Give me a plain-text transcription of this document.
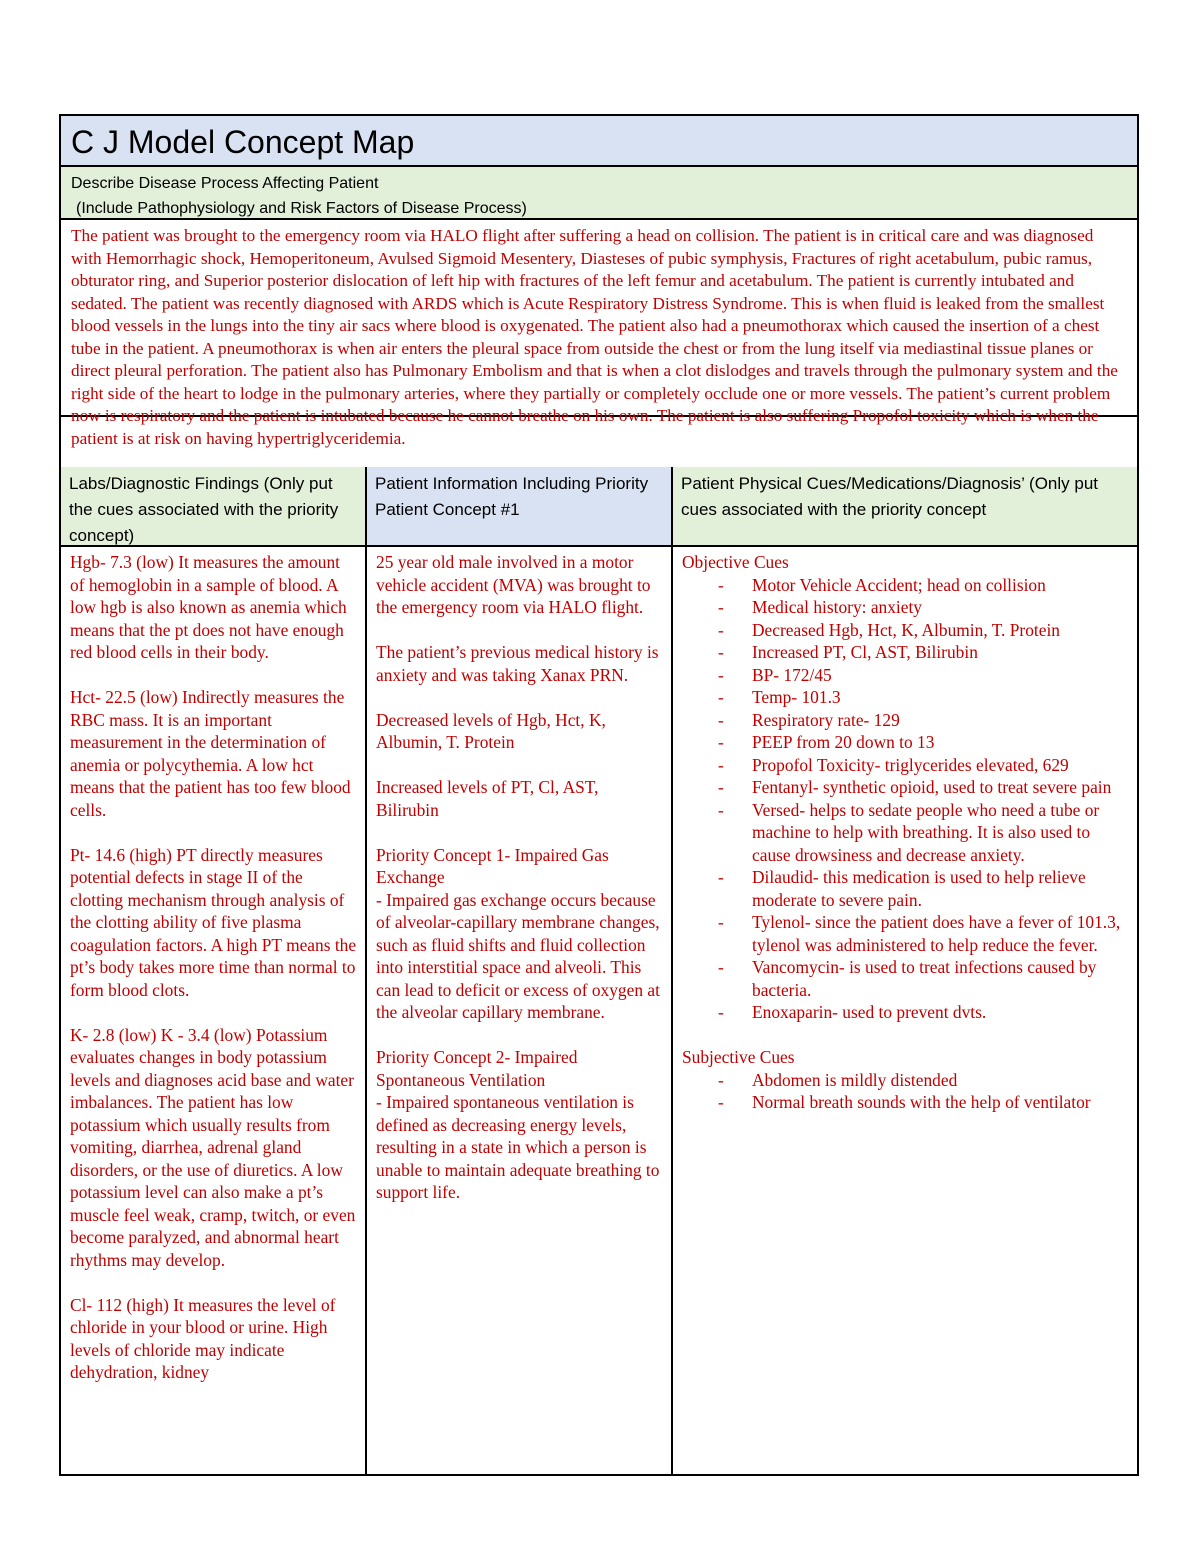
C J Model Concept Map
Describe Disease Process Affecting Patient
(Include Pathophysiology and Risk Factors of Disease Process)
The patient was brought to the emergency room via HALO flight after suffering a head on collision. The patient is in critical care and was diagnosed with Hemorrhagic shock, Hemoperitoneum, Avulsed Sigmoid Mesentery, Diasteses of pubic symphysis, Fractures of right acetabulum, pubic ramus, obturator ring, and Superior posterior dislocation of left hip with fractures of the left femur and acetabulum. The patient is currently intubated and sedated. The patient was recently diagnosed with ARDS which is Acute Respiratory Distress Syndrome. This is when fluid is leaked from the smallest blood vessels in the lungs into the tiny air sacs where blood is oxygenated. The patient also had a pneumothorax which caused the insertion of a chest tube in the patient. A pneumothorax is when air enters the pleural space from outside the chest or from the lung itself via mediastinal tissue planes or direct pleural perforation. The patient also has Pulmonary Embolism and that is when a clot dislodges and travels through the pulmonary system and the right side of the heart to lodge in the pulmonary arteries, where they partially or completely occlude one or more vessels. The patient’s current problem now is respiratory and the patient is intubated because he cannot breathe on his own. The patient is also suffering Propofol toxicity which is when the patient is at risk on having hypertriglyceridemia.
Labs/Diagnostic Findings (Only put the cues associated with the priority concept)

Hgb- 7.3 (low) It measures the amount of hemoglobin in a sample of blood. A low hgb is also known as anemia which means that the pt does not have enough red blood cells in their body.

Hct- 22.5 (low) Indirectly measures the RBC mass. It is an important measurement in the determination of anemia or polycythemia. A low hct means that the patient has too few blood cells.

Pt- 14.6 (high) PT directly measures potential defects in stage II of the clotting mechanism through analysis of the clotting ability of five plasma coagulation factors. A high PT means the pt’s body takes more time than normal to form blood clots.

K- 2.8 (low) K - 3.4 (low) Potassium evaluates changes in body potassium levels and diagnoses acid base and water imbalances. The patient has low potassium which usually results from vomiting, diarrhea, adrenal gland disorders, or the use of diuretics. A low potassium level can also make a pt’s muscle feel weak, cramp, twitch, or even become paralyzed, and abnormal heart rhythms may develop.

Cl- 112 (high) It measures the level of chloride in your blood or urine. High levels of chloride may indicate dehydration, kidney

Patient Information Including Priority Patient Concept #1

25 year old male involved in a motor vehicle accident (MVA) was brought to the emergency room via HALO flight.

The patient’s previous medical history is anxiety and was taking Xanax PRN.

Decreased levels of Hgb, Hct, K, Albumin, T. Protein

Increased levels of PT, Cl, AST, Bilirubin

Priority Concept 1- Impaired Gas Exchange
- Impaired gas exchange occurs because of alveolar-capillary membrane changes, such as fluid shifts and fluid collection into interstitial space and alveoli. This can lead to deficit or excess of oxygen at the alveolar capillary membrane.

Priority Concept 2- Impaired Spontaneous Ventilation
- Impaired spontaneous ventilation is defined as decreasing energy levels, resulting in a state in which a person is unable to maintain adequate breathing to support life.

Patient Physical Cues/Medications/Diagnosis’ (Only put cues associated with the priority concept

Objective Cues

- Motor Vehicle Accident; head on collision
- Medical history: anxiety
- Decreased Hgb, Hct, K, Albumin, T. Protein
- Increased PT, Cl, AST, Bilirubin
- BP- 172/45
- Temp- 101.3
- Respiratory rate- 129
- PEEP from 20 down to 13
- Propofol Toxicity- triglycerides elevated, 629
- Fentanyl- synthetic opioid, used to treat severe pain
- Versed- helps to sedate people who need a tube or machine to help with breathing. It is also used to cause drowsiness and decrease anxiety.
- Dilaudid- this medication is used to help relieve moderate to severe pain.
- Tylenol- since the patient does have a fever of 101.3, tylenol was administered to help reduce the fever.
- Vancomycin- is used to treat infections caused by bacteria.
- Enoxaparin- used to prevent dvts.

Subjective Cues

- Abdomen is mildly distended
- Normal breath sounds with the help of ventilator
